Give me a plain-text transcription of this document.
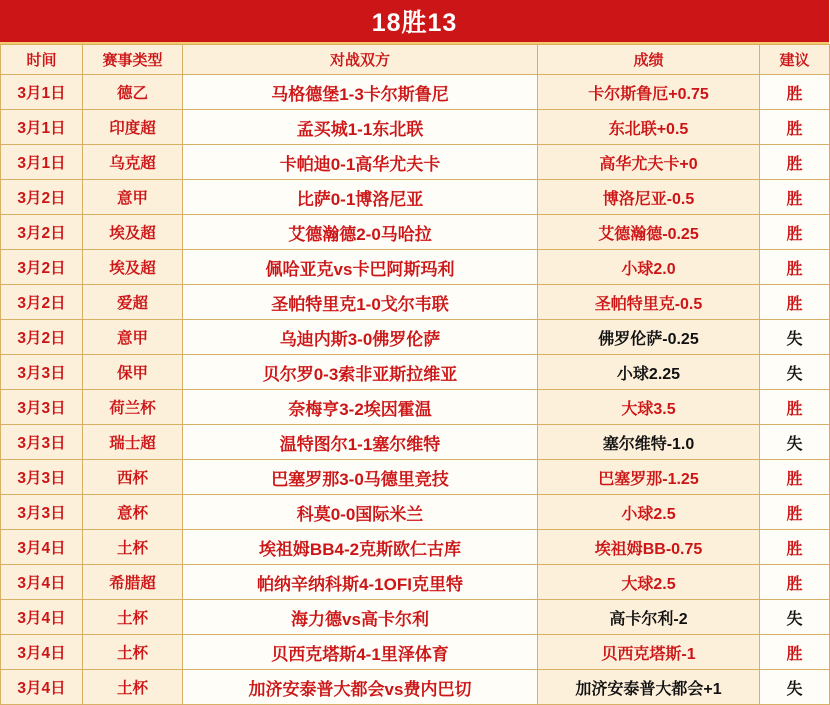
18胜13
时间	赛事类型	对战双方	成绩	建议
3月1日	德乙	马格德堡1-3卡尔斯鲁尼	卡尔斯鲁厄+0.75	胜
3月1日	印度超	孟买城1-1东北联	东北联+0.5	胜
3月1日	乌克超	卡帕迪0-1高华尤夫卡	高华尤夫卡+0	胜
3月2日	意甲	比萨0-1博洛尼亚	博洛尼亚-0.5	胜
3月2日	埃及超	艾德瀚德2-0马哈拉	艾德瀚德-0.25	胜
3月2日	埃及超	佩哈亚克vs卡巴阿斯玛利	小球2.0	胜
3月2日	爱超	圣帕特里克1-0戈尔韦联	圣帕特里克-0.5	胜
3月2日	意甲	乌迪内斯3-0佛罗伦萨	佛罗伦萨-0.25	失
3月3日	保甲	贝尔罗0-3索非亚斯拉维亚	小球2.25	失
3月3日	荷兰杯	奈梅亨3-2埃因霍温	大球3.5	胜
3月3日	瑞士超	温特图尔1-1塞尔维特	塞尔维特-1.0	失
3月3日	西杯	巴塞罗那3-0马德里竞技	巴塞罗那-1.25	胜
3月3日	意杯	科莫0-0国际米兰	小球2.5	胜
3月4日	土杯	埃祖姆BB4-2克斯欧仁古库	埃祖姆BB-0.75	胜
3月4日	希腊超	帕纳辛纳科斯4-1OFI克里特	大球2.5	胜
3月4日	土杯	海力德vs高卡尔利	高卡尔利-2	失
3月4日	土杯	贝西克塔斯4-1里泽体育	贝西克塔斯-1	胜
3月4日	土杯	加济安泰普大都会vs费内巴切	加济安泰普大都会+1	失
